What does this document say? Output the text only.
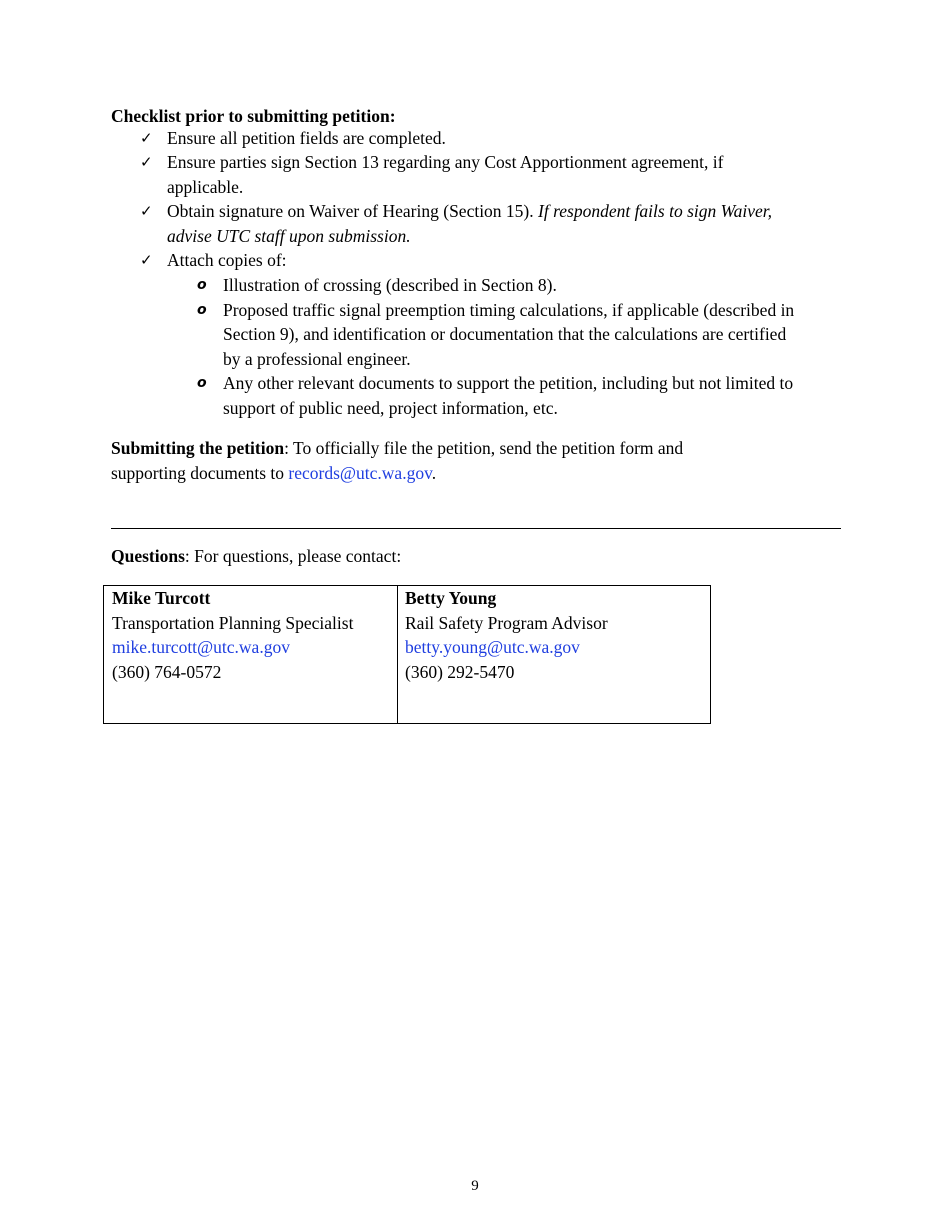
Checklist prior to submitting petition:
✓ Ensure all petition fields are completed.
✓ Ensure parties sign Section 13 regarding any Cost Apportionment agreement, if
applicable.
✓ Obtain signature on Waiver of Hearing (Section 15). If respondent fails to sign Waiver,
advise UTC staff upon submission.
✓ Attach copies of:
o Illustration of crossing (described in Section 8).
o Proposed traffic signal preemption timing calculations, if applicable (described in
Section 9), and identification or documentation that the calculations are certified
by a professional engineer.
o Any other relevant documents to support the petition, including but not limited to
support of public need, project information, etc.
Submitting the petition: To officially file the petition, send the petition form and
supporting documents to records@utc.wa.gov.
Questions: For questions, please contact:
Mike Turcott
Transportation Planning Specialist
mike.turcott@utc.wa.gov
(360) 764-0572
Betty Young
Rail Safety Program Advisor
betty.young@utc.wa.gov
(360) 292-5470
9
